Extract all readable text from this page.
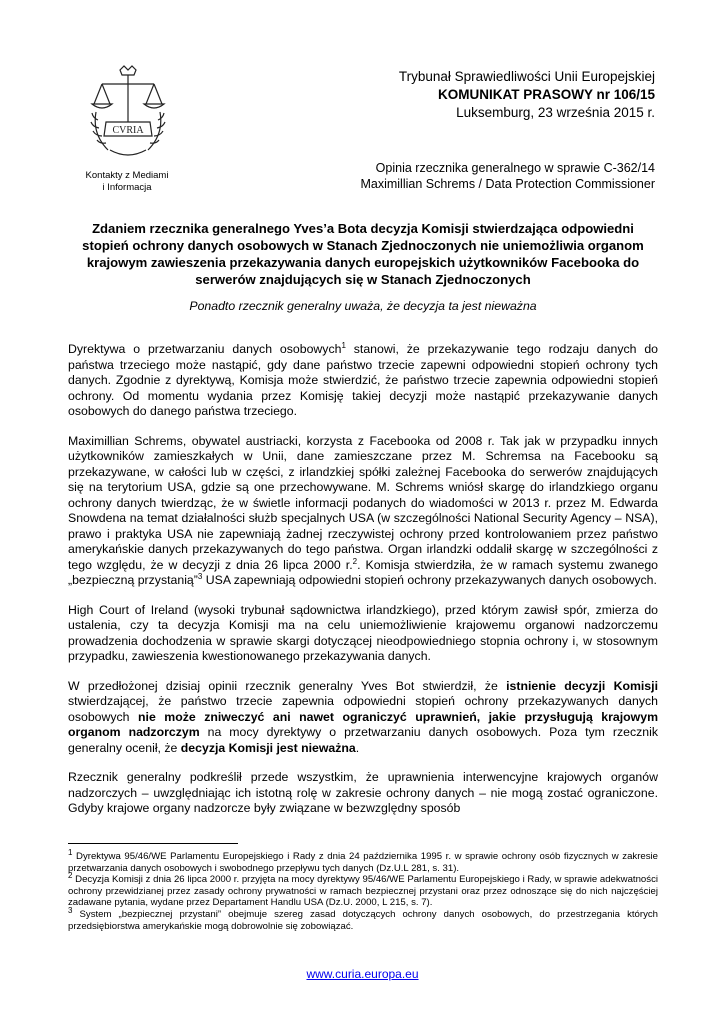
CVRIA
Kontakty z Mediami
i Informacja
Trybunał Sprawiedliwości Unii Europejskiej
KOMUNIKAT PRASOWY nr 106/15
Luksemburg, 23 września 2015 r.
Opinia rzecznika generalnego w sprawie C-362/14
Maximillian Schrems / Data Protection Commissioner
Zdaniem rzecznika generalnego Yves’a Bota decyzja Komisji stwierdzająca odpowiedni stopień ochrony danych osobowych w Stanach Zjednoczonych nie uniemożliwia organom krajowym zawieszenia przekazywania danych europejskich użytkowników Facebooka do serwerów znajdujących się w Stanach Zjednoczonych
Ponadto rzecznik generalny uważa, że decyzja ta jest nieważna

Dyrektywa o przetwarzaniu danych osobowych$^1$ stanowi, że przekazywanie tego rodzaju danych do państwa trzeciego może nastąpić, gdy dane państwo trzecie zapewni odpowiedni stopień ochrony tych danych. Zgodnie z dyrektywą, Komisja może stwierdzić, że państwo trzecie zapewnia odpowiedni stopień ochrony. Od momentu wydania przez Komisję takiej decyzji może nastąpić przekazywanie danych osobowych do danego państwa trzeciego.

Maximillian Schrems, obywatel austriacki, korzysta z Facebooka od 2008 r. Tak jak w przypadku innych użytkowników zamieszkałych w Unii, dane zamieszczane przez M. Schremsa na Facebooku są przekazywane, w całości lub w części, z irlandzkiej spółki zależnej Facebooka do serwerów znajdujących się na terytorium USA, gdzie są one przechowywane. M. Schrems wniósł skargę do irlandzkiego organu ochrony danych twierdząc, że w świetle informacji podanych do wiadomości w 2013 r. przez M. Edwarda Snowdena na temat działalności służb specjalnych USA (w szczególności National Security Agency – NSA), prawo i praktyka USA nie zapewniają żadnej rzeczywistej ochrony przed kontrolowaniem przez państwo amerykańskie danych przekazywanych do tego państwa. Organ irlandzki oddalił skargę w szczególności z tego względu, że w decyzji z dnia 26 lipca 2000 r.$^2$. Komisja stwierdziła, że w ramach systemu zwanego „bezpieczną przystanią”$^3$ USA zapewniają odpowiedni stopień ochrony przekazywanych danych osobowych.

High Court of Ireland (wysoki trybunał sądownictwa irlandzkiego), przed którym zawisł spór, zmierza do ustalenia, czy ta decyzja Komisji ma na celu uniemożliwienie krajowemu organowi nadzorczemu prowadzenia dochodzenia w sprawie skargi dotyczącej nieodpowiedniego stopnia ochrony i, w stosownym przypadku, zawieszenia kwestionowanego przekazywania danych.

W przedłożonej dzisiaj opinii rzecznik generalny Yves Bot stwierdził, że istnienie decyzji Komisji stwierdzającej, że państwo trzecie zapewnia odpowiedni stopień ochrony przekazywanych danych osobowych nie może zniweczyć ani nawet ograniczyć uprawnień, jakie przysługują krajowym organom nadzorczym na mocy dyrektywy o przetwarzaniu danych osobowych. Poza tym rzecznik generalny ocenił, że decyzja Komisji jest nieważna.

Rzecznik generalny podkreślił przede wszystkim, że uprawnienia interwencyjne krajowych organów nadzorczych – uwzględniając ich istotną rolę w zakresie ochrony danych – nie mogą zostać ograniczone. Gdyby krajowe organy nadzorcze były związane w bezwzględny sposób

$^1$ Dyrektywa 95/46/WE Parlamentu Europejskiego i Rady z dnia 24 października 1995 r. w sprawie ochrony osób fizycznych w zakresie przetwarzania danych osobowych i swobodnego przepływu tych danych (Dz.U.L 281, s. 31).

$^2$ Decyzja Komisji z dnia 26 lipca 2000 r. przyjęta na mocy dyrektywy 95/46/WE Parlamentu Europejskiego i Rady, w sprawie adekwatności ochrony przewidzianej przez zasady ochrony prywatności w ramach bezpiecznej przystani oraz przez odnoszące się do nich najczęściej zadawane pytania, wydane przez Departament Handlu USA (Dz.U. 2000, L 215, s. 7).

$^3$ System „bezpiecznej przystani” obejmuje szereg zasad dotyczących ochrony danych osobowych, do przestrzegania których przedsiębiorstwa amerykańskie mogą dobrowolnie się zobowiązać.

www.curia.europa.eu
